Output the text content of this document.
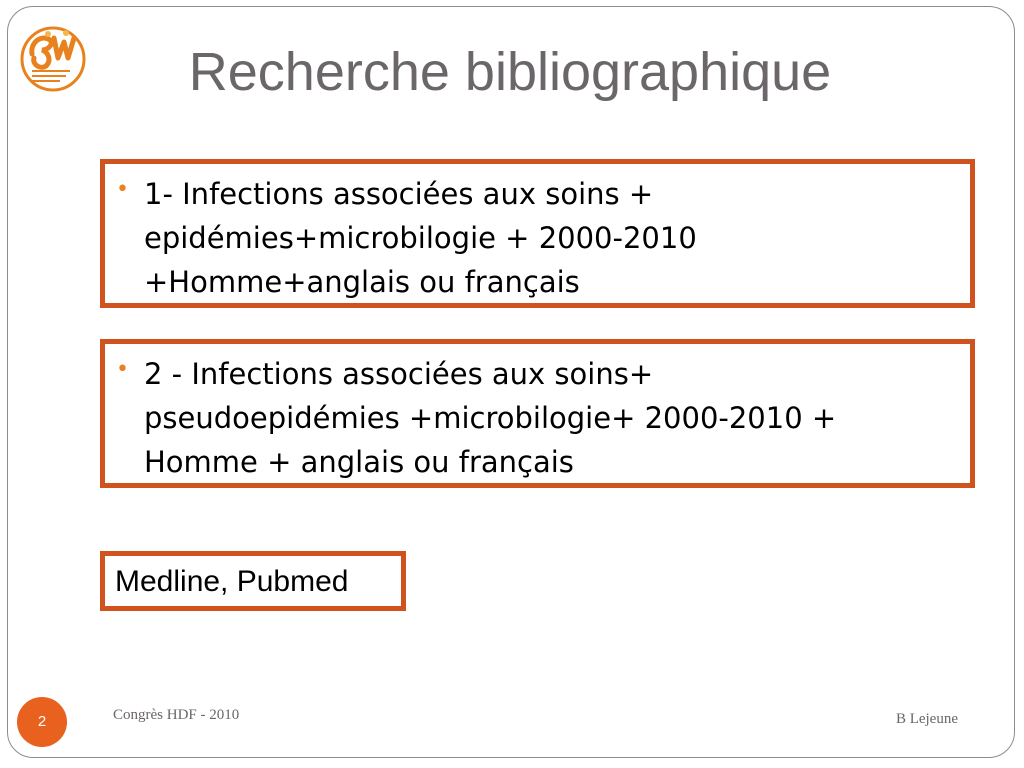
Recherche bibliographique
• 1- Infections associées aux soins +
epidémies+microbilogie + 2000-2010
+Homme+anglais ou français
• 2 - Infections associées aux soins+
pseudoepidémies +microbilogie+ 2000-2010 +
Homme + anglais ou français
Medline, Pubmed
2	Congrès HDF - 2010	B Lejeune
